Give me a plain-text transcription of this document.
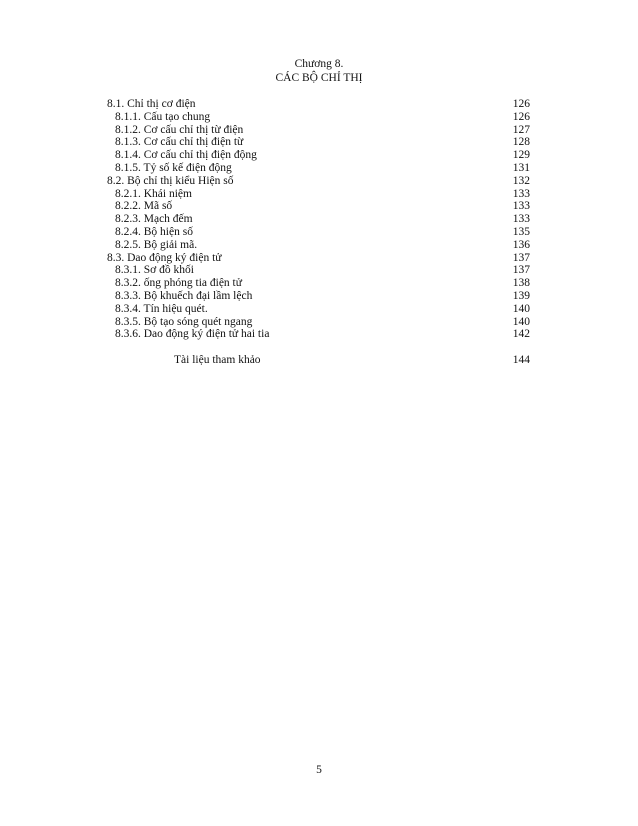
Chương 8.
CÁC BỘ CHỈ THỊ
8.1. Chỉ thị cơ điện	126
8.1.1. Cấu tạo chung	126
8.1.2. Cơ cấu chỉ thị từ điện	127
8.1.3. Cơ cấu chỉ thị điện từ	128
8.1.4. Cơ cấu chỉ thị điện động	129
8.1.5. Tỷ số kế điện động	131
8.2. Bộ chỉ thị kiểu Hiện số	132
8.2.1. Khái niệm	133
8.2.2. Mã số	133
8.2.3. Mạch đếm	133
8.2.4. Bộ hiện số	135
8.2.5. Bộ giải mã.	136
8.3. Dao động ký điện tử	137
8.3.1. Sơ đồ khối	137
8.3.2. ống phóng tia điện tử	138
8.3.3. Bộ khuếch đại lầm lệch	139
8.3.4. Tín hiệu quét.	140
8.3.5. Bộ tạo sóng quét ngang	140
8.3.6. Dao động ký điện tử hai tia	142
Tài liệu tham khảo	144
5
